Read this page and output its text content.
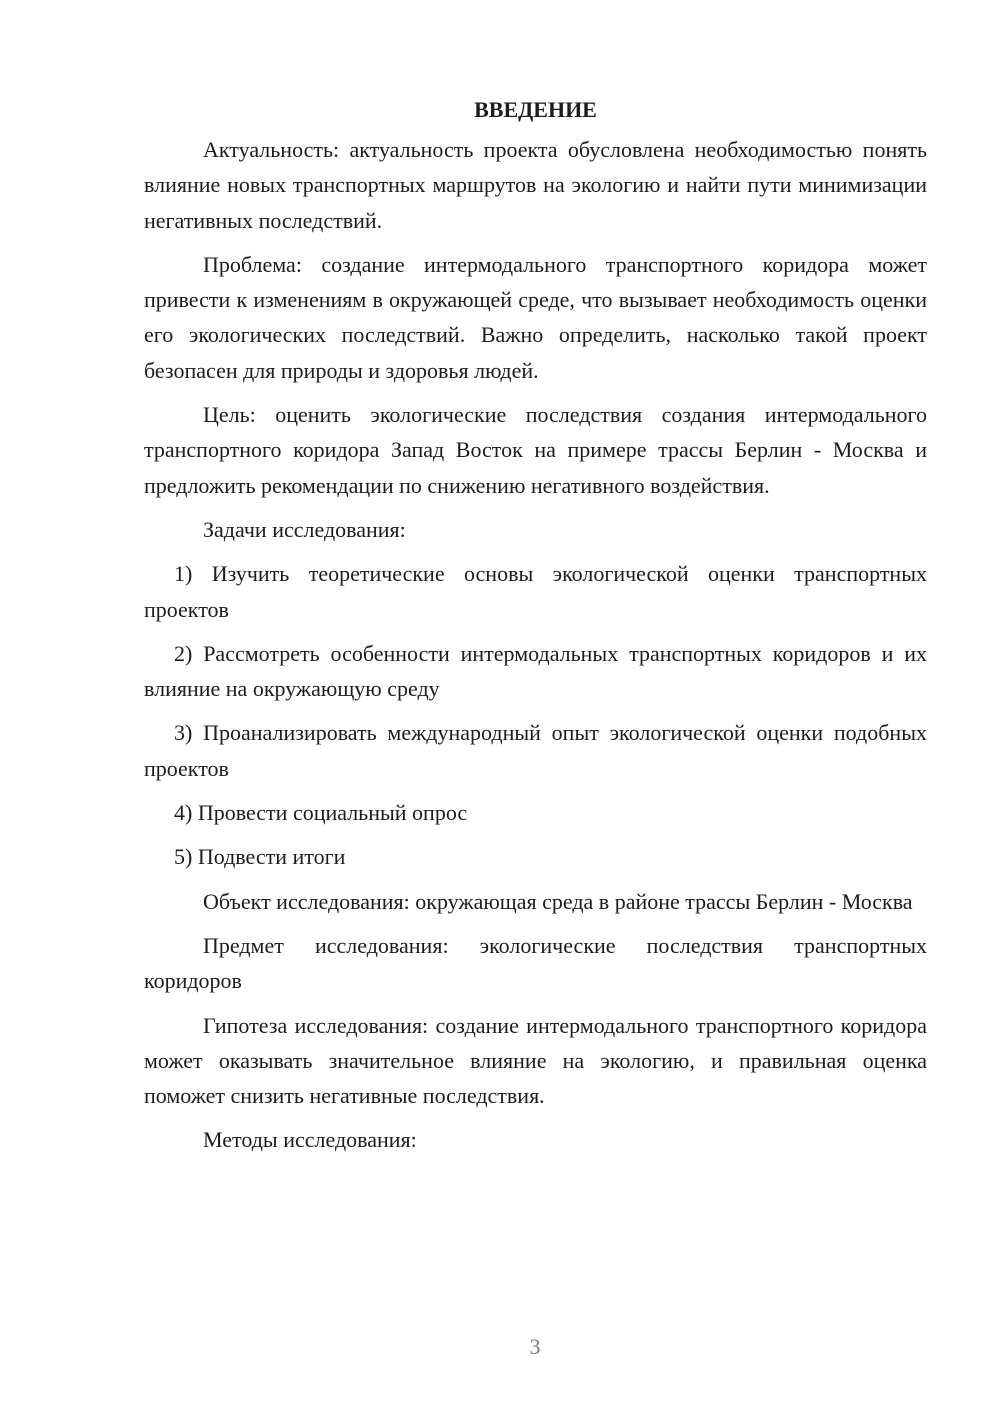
ВВЕДЕНИЕ

Актуальность: актуальность проекта обусловлена необходимостью понять влияние новых транспортных маршрутов на экологию и найти пути минимизации негативных последствий.

Проблема: создание интермодального транспортного коридора может привести к изменениям в окружающей среде, что вызывает необходимость оценки его экологических последствий. Важно определить, насколько такой проект безопасен для природы и здоровья людей.

Цель: оценить экологические последствия создания интермодального транспортного коридора Запад Восток на примере трассы Берлин - Москва и предложить рекомендации по снижению негативного воздействия.

Задачи исследования:

1) Изучить теоретические основы экологической оценки транспортных проектов

2) Рассмотреть особенности интермодальных транспортных коридоров и их влияние на окружающую среду

3) Проанализировать международный опыт экологической оценки подобных проектов

4) Провести социальный опрос

5) Подвести итоги

Объект исследования: окружающая среда в районе трассы Берлин - Москва

Предмет исследования: экологические последствия транспортных коридоров

Гипотеза исследования: создание интермодального транспортного коридора может оказывать значительное влияние на экологию, и правильная оценка поможет снизить негативные последствия.

Методы исследования:

3
